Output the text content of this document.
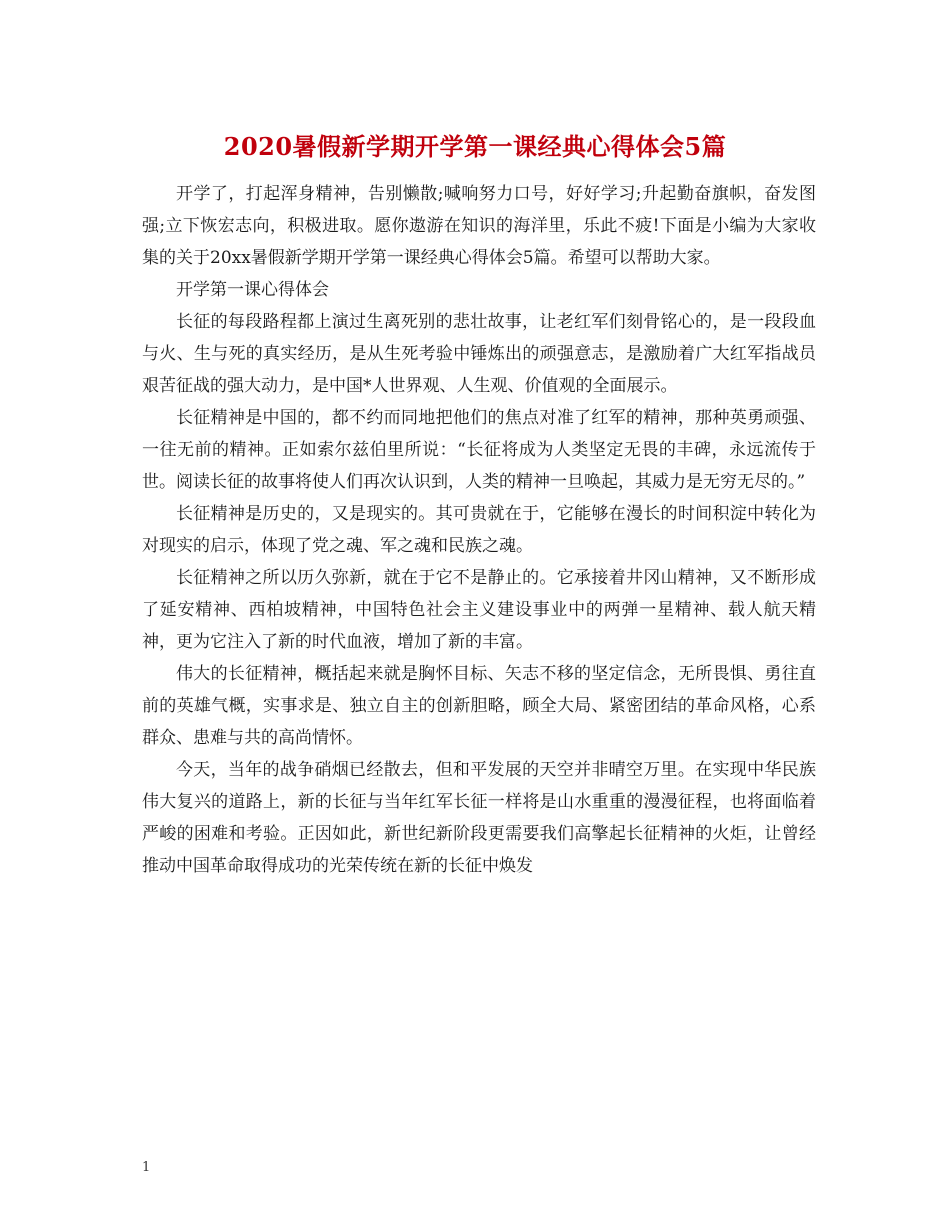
2020暑假新学期开学第一课经典心得体会5篇

开学了，打起浑身精神，告别懒散;喊响努力口号，好好学习;升起勤奋旗帜，奋发图强;立下恢宏志向，积极进取。愿你遨游在知识的海洋里，乐此不疲!下面是小编为大家收集的关于20xx暑假新学期开学第一课经典心得体会5篇。希望可以帮助大家。

开学第一课心得体会

长征的每段路程都上演过生离死别的悲壮故事，让老红军们刻骨铭心的，是一段段血与火、生与死的真实经历，是从生死考验中锤炼出的顽强意志，是激励着广大红军指战员艰苦征战的强大动力，是中国*人世界观、人生观、价值观的全面展示。

长征精神是中国的，都不约而同地把他们的焦点对准了红军的精神，那种英勇顽强、一往无前的精神。正如索尔兹伯里所说：“长征将成为人类坚定无畏的丰碑，永远流传于世。阅读长征的故事将使人们再次认识到，人类的精神一旦唤起，其威力是无穷无尽的。”

长征精神是历史的，又是现实的。其可贵就在于，它能够在漫长的时间积淀中转化为对现实的启示，体现了党之魂、军之魂和民族之魂。

长征精神之所以历久弥新，就在于它不是静止的。它承接着井冈山精神，又不断形成了延安精神、西柏坡精神，中国特色社会主义建设事业中的两弹一星精神、载人航天精神，更为它注入了新的时代血液，增加了新的丰富。

伟大的长征精神，概括起来就是胸怀目标、矢志不移的坚定信念，无所畏惧、勇往直前的英雄气概，实事求是、独立自主的创新胆略，顾全大局、紧密团结的革命风格，心系群众、患难与共的高尚情怀。

今天，当年的战争硝烟已经散去，但和平发展的天空并非晴空万里。在实现中华民族伟大复兴的道路上，新的长征与当年红军长征一样将是山水重重的漫漫征程，也将面临着严峻的困难和考验。正因如此，新世纪新阶段更需要我们高擎起长征精神的火炬，让曾经推动中国革命取得成功的光荣传统在新的长征中焕发

1
